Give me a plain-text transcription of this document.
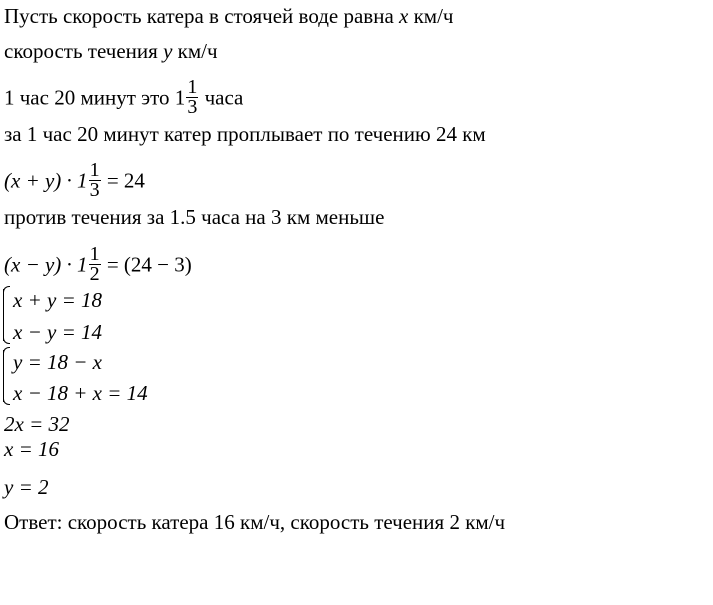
Пусть скорость катера в стоячей воде равна x км/ч
скорость течения y км/ч
1 час 20 минут это $1 \frac{1}{3}$ часа
за 1 час 20 минут катер проплывает по течению 24 км
$(x + y) \cdot 1 \frac{1}{3} = 24$
против течения за 1.5 часа на 3 км меньше
$(x - y) \cdot 1 \frac{1}{2} = (24 - 3)$
x + y = 18
x − y = 14
y = 18 − x
x − 18 + x = 14
2x = 32
x = 16
y = 2
Ответ: скорость катера 16 км/ч, скорость течения 2 км/ч
